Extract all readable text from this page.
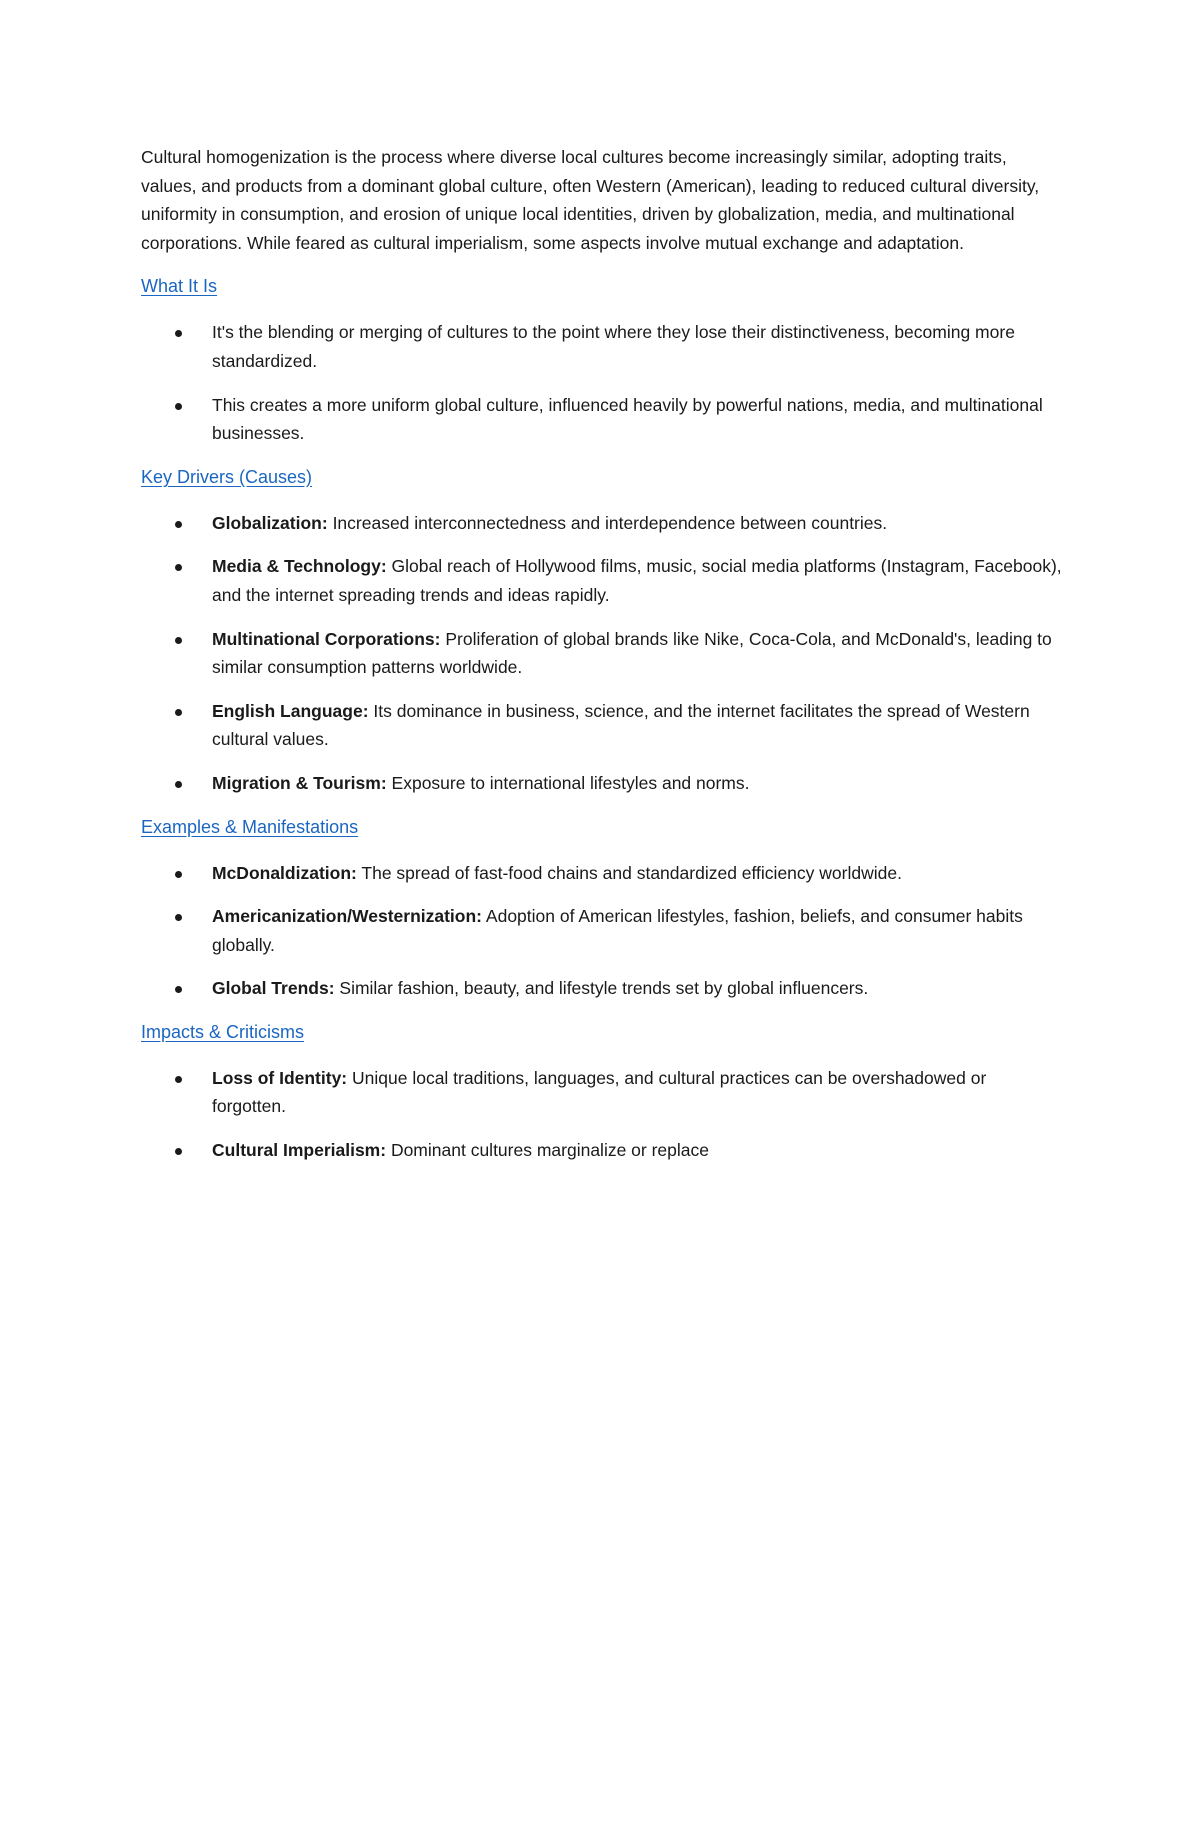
Cultural homogenization is the process where diverse local cultures become increasingly similar, adopting traits, values, and products from a dominant global culture, often Western (American), leading to reduced cultural diversity, uniformity in consumption, and erosion of unique local identities, driven by globalization, media, and multinational corporations. While feared as cultural imperialism, some aspects involve mutual exchange and adaptation.

What It Is
It's the blending or merging of cultures to the point where they lose their distinctiveness, becoming more standardized.
This creates a more uniform global culture, influenced heavily by powerful nations, media, and multinational businesses.
Key Drivers (Causes)
Globalization: Increased interconnectedness and interdependence between countries.
Media & Technology: Global reach of Hollywood films, music, social media platforms (Instagram, Facebook), and the internet spreading trends and ideas rapidly.
Multinational Corporations: Proliferation of global brands like Nike, Coca-Cola, and McDonald's, leading to similar consumption patterns worldwide.
English Language: Its dominance in business, science, and the internet facilitates the spread of Western cultural values.
Migration & Tourism: Exposure to international lifestyles and norms.
Examples & Manifestations
McDonaldization: The spread of fast-food chains and standardized efficiency worldwide.
Americanization/Westernization: Adoption of American lifestyles, fashion, beliefs, and consumer habits globally.
Global Trends: Similar fashion, beauty, and lifestyle trends set by global influencers.
Impacts & Criticisms
Loss of Identity: Unique local traditions, languages, and cultural practices can be overshadowed or forgotten.
Cultural Imperialism: Dominant cultures marginalize or replace
